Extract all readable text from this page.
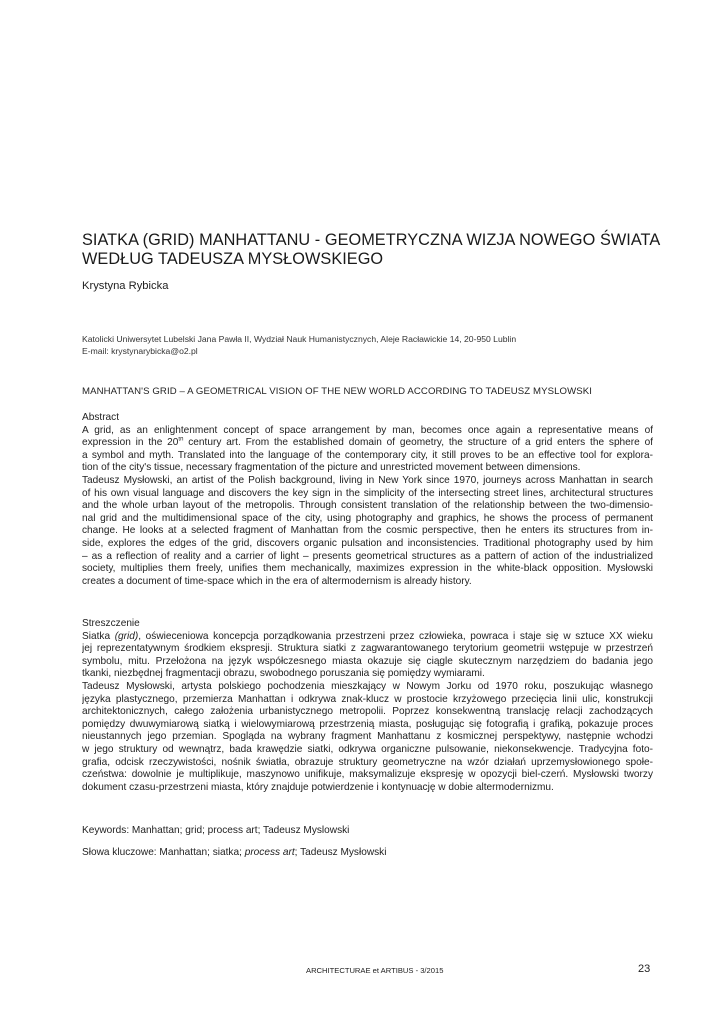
SIATKA (GRID) MANHATTANU - GEOMETRYCZNA WIZJA NOWEGO ŚWIATA
WEDŁUG TADEUSZA MYSŁOWSKIEGO
Krystyna Rybicka
Katolicki Uniwersytet Lubelski Jana Pawła II, Wydział Nauk Humanistycznych, Aleje Racławickie 14, 20-950 Lublin
E-mail: krystynarybicka@o2.pl
MANHATTAN'S GRID – A GEOMETRICAL VISION OF THE NEW WORLD ACCORDING TO TADEUSZ MYSLOWSKI
Abstract
A grid, as an enlightenment concept of space arrangement by man, becomes once again a representative means of
expression in the 20th century art. From the established domain of geometry, the structure of a grid enters the sphere of
a symbol and myth. Translated into the language of the contemporary city, it still proves to be an effective tool for explora-
tion of the city's tissue, necessary fragmentation of the picture and unrestricted movement between dimensions.
Tadeusz Mysłowski, an artist of the Polish background, living in New York since 1970, journeys across Manhattan in search
of his own visual language and discovers the key sign in the simplicity of the intersecting street lines, architectural structures
and the whole urban layout of the metropolis. Through consistent translation of the relationship between the two-dimensio-
nal grid and the multidimensional space of the city, using photography and graphics, he shows the process of permanent
change. He looks at a selected fragment of Manhattan from the cosmic perspective, then he enters its structures from in-
side, explores the edges of the grid, discovers organic pulsation and inconsistencies. Traditional photography used by him
– as a reflection of reality and a carrier of light – presents geometrical structures as a pattern of action of the industrialized
society, multiplies them freely, unifies them mechanically, maximizes expression in the white-black opposition. Mysłowski
creates a document of time-space which in the era of altermodernism is already history.
Streszczenie
Siatka (grid), oświeceniowa koncepcja porządkowania przestrzeni przez człowieka, powraca i staje się w sztuce XX wieku
jej reprezentatywnym środkiem ekspresji. Struktura siatki z zagwarantowanego terytorium geometrii wstępuje w przestrzeń
symbolu, mitu. Przełożona na język współczesnego miasta okazuje się ciągle skutecznym narzędziem do badania jego
tkanki, niezbędnej fragmentacji obrazu, swobodnego poruszania się pomiędzy wymiarami.
Tadeusz Mysłowski, artysta polskiego pochodzenia mieszkający w Nowym Jorku od 1970 roku, poszukując własnego
języka plastycznego, przemierza Manhattan i odkrywa znak-klucz w prostocie krzyżowego przecięcia linii ulic, konstrukcji
architektonicznych, całego założenia urbanistycznego metropolii. Poprzez konsekwentną translację relacji zachodzących
pomiędzy dwuwymiarową siatką i wielowymiarową przestrzenią miasta, posługując się fotografią i grafiką, pokazuje proces
nieustannych jego przemian. Spogląda na wybrany fragment Manhattanu z kosmicznej perspektywy, następnie wchodzi
w jego struktury od wewnątrz, bada krawędzie siatki, odkrywa organiczne pulsowanie, niekonsekwencje. Tradycyjna foto-
grafia, odcisk rzeczywistości, nośnik światła, obrazuje struktury geometryczne na wzór działań uprzemysłowionego społe-
czeństwa: dowolnie je multiplikuje, maszynowo unifikuje, maksymalizuje ekspresję w opozycji biel-czerń. Mysłowski tworzy
dokument czasu-przestrzeni miasta, który znajduje potwierdzenie i kontynuację w dobie altermodernizmu.
Keywords: Manhattan; grid; process art; Tadeusz Myslowski
Słowa kluczowe: Manhattan; siatka; process art; Tadeusz Mysłowski
ARCHITECTURAE et ARTIBUS - 3/2015	23
